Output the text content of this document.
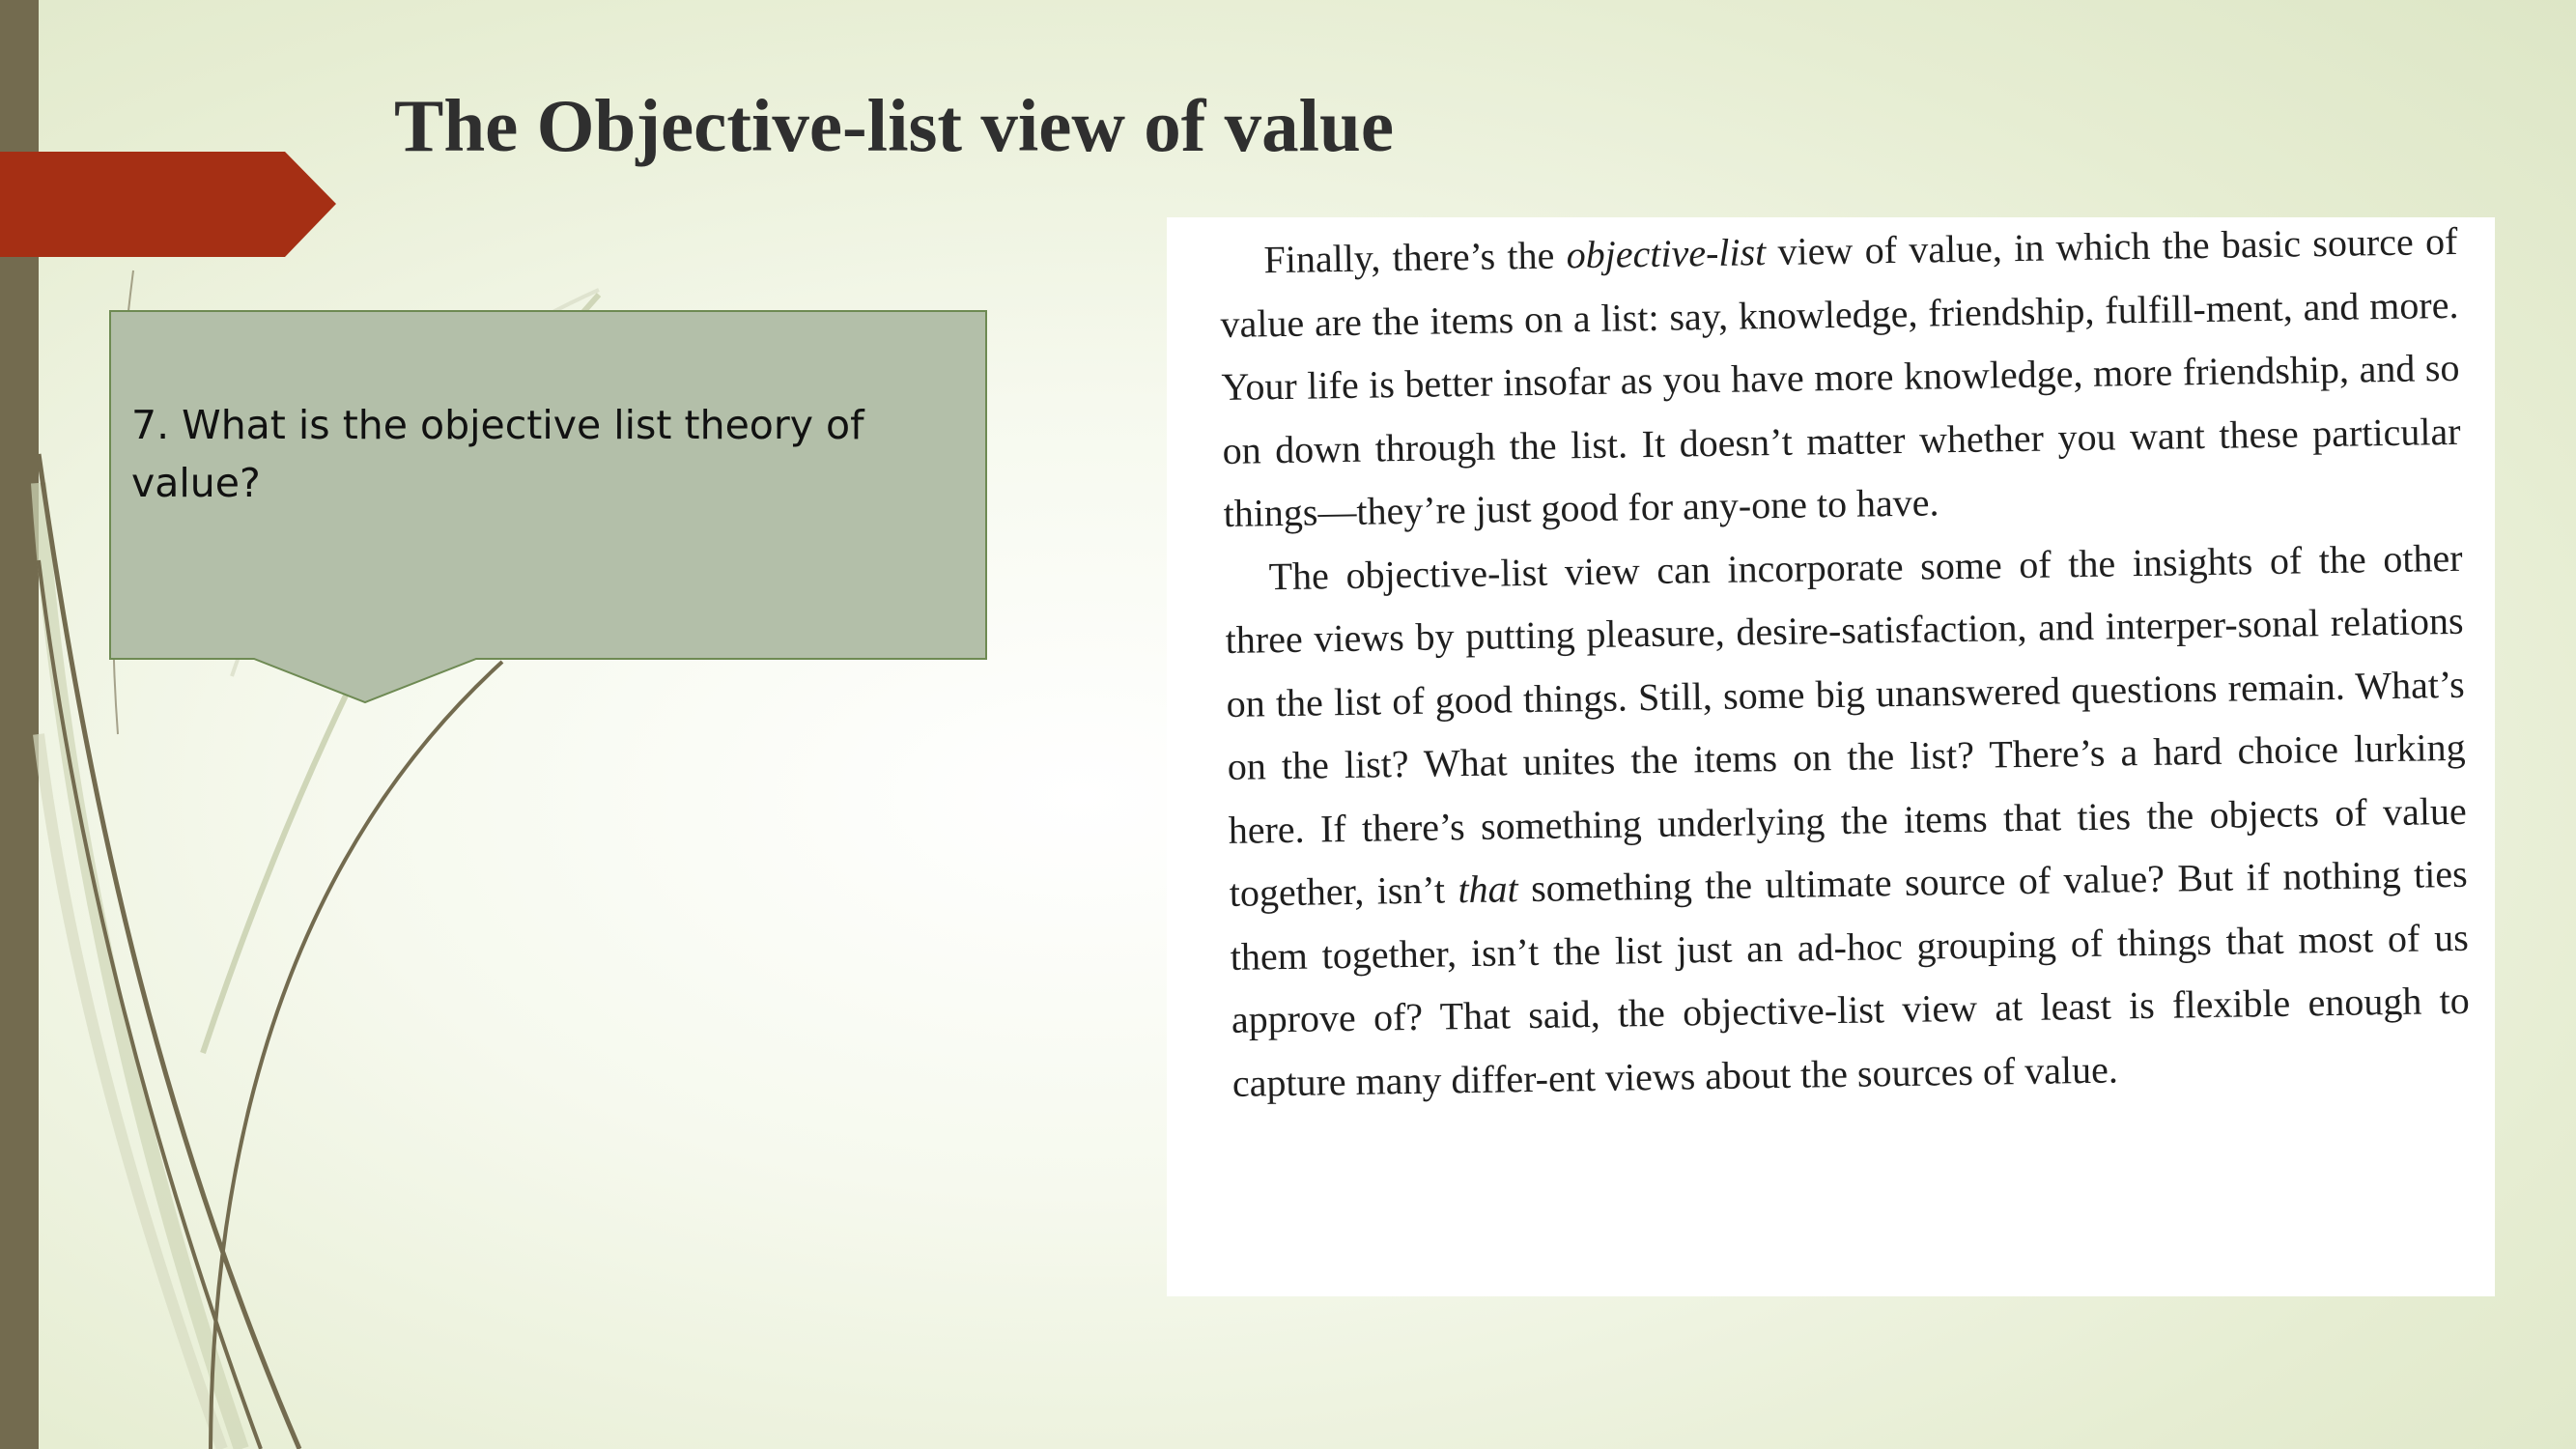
The Objective-list view of value
7. What is the objective list theory of value?

Finally, there’s the objective-list view of value, in which the basic source of value are the items on a list: say, knowledge, friendship, fulfill-ment, and more. Your life is better insofar as you have more knowledge, more friendship, and so on down through the list. It doesn’t matter whether you want these particular things—they’re just good for any-one to have.

The objective-list view can incorporate some of the insights of the other three views by putting pleasure, desire-satisfaction, and interper-sonal relations on the list of good things. Still, some big unanswered questions remain. What’s on the list? What unites the items on the list? There’s a hard choice lurking here. If there’s something underlying the items that ties the objects of value together, isn’t that something the ultimate source of value? But if nothing ties them together, isn’t the list just an ad-hoc grouping of things that most of us approve of? That said, the objective-list view at least is flexible enough to capture many differ-ent views about the sources of value.
